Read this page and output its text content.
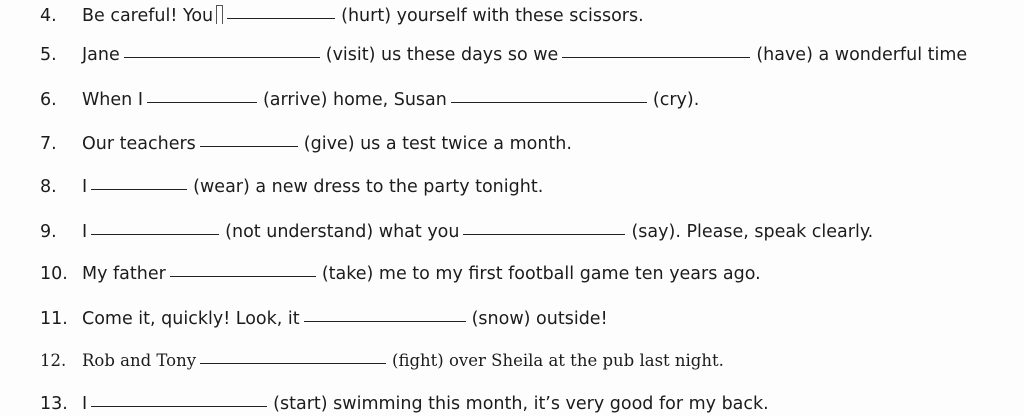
4.	Be careful! You	(hurt) yourself with these scissors.
5.	Jane	(visit) us these days so we	(have) a wonderful time
6.	When I	(arrive) home, Susan	(cry).
7.	Our teachers	(give) us a test twice a month.
8.	I	(wear) a new dress to the party tonight.
9.	I	(not understand) what you	(say). Please, speak clearly.
10. My father	(take) me to my first football game ten years ago.
11. Come it, quickly! Look, it	(snow) outside!
12. Rob and Tony	(fight) over Sheila at the pub last night.
13. I	(start) swimming this month, it’s very good for my back.
